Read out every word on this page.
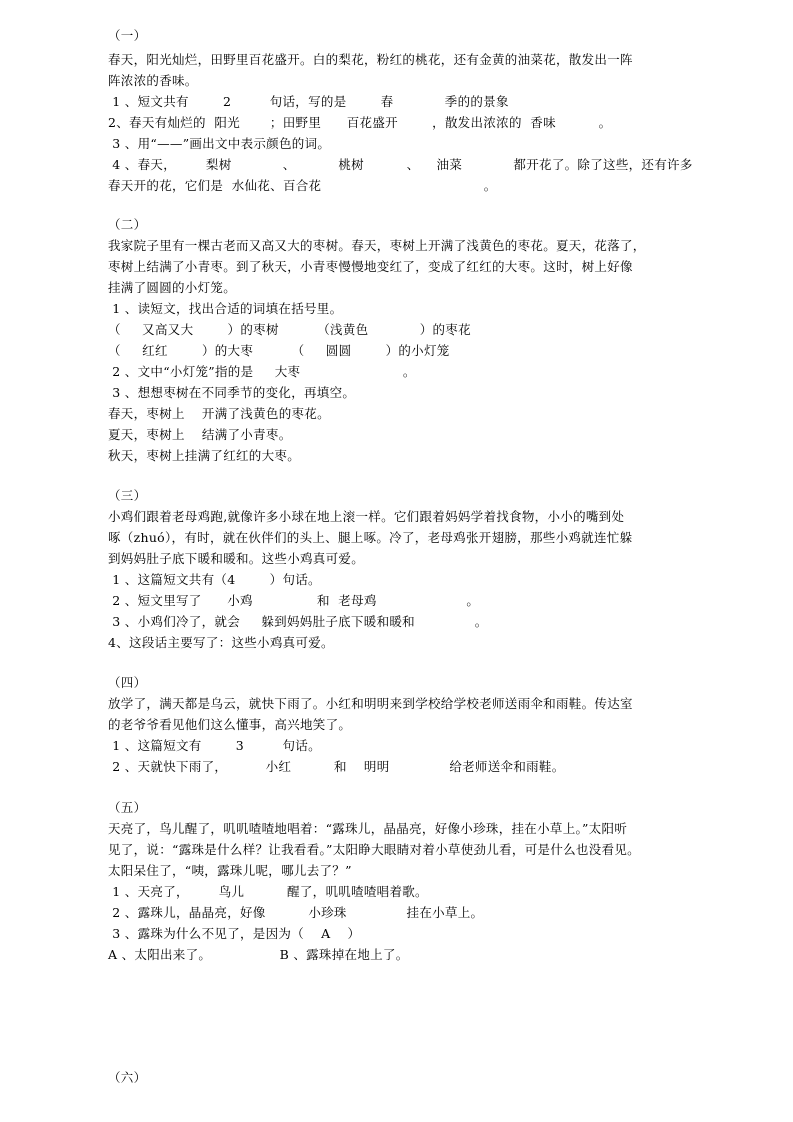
（一）
春天，阳光灿烂，田野里百花盛开。白的梨花，粉红的桃花，还有金黄的油菜花，散发出一阵
阵浓浓的香味。
1 、短文共有        2         句话，写的是        春            季的的景象
2、春天有灿烂的  阳光       ；田野里      百花盛开        ，散发出浓浓的  香味          。
3 、用“——”画出文中表示颜色的词。
4 、春天，       梨树            、          桃树          、    油菜            都开花了。除了这些，还有许多
春天开的花，它们是  水仙花、百合花                                      。
（二）
我家院子里有一棵古老而又高又大的枣树。春天，枣树上开满了浅黄色的枣花。夏天，花落了，
枣树上结满了小青枣。到了秋天，小青枣慢慢地变红了，变成了红红的大枣。这时，树上好像
挂满了圆圆的小灯笼。
1 、读短文，找出合适的词填在括号里。
（     又高又大        ）的枣树         （浅黄色            ）的枣花
（     红红        ）的大枣         （     圆圆        ）的小灯笼
2 、文中“小灯笼”指的是     大枣                        。
3 、想想枣树在不同季节的变化，再填空。
春天，枣树上    开满了浅黄色的枣花。
夏天，枣树上    结满了小青枣。
秋天，枣树上挂满了红红的大枣。
（三）
小鸡们跟着老母鸡跑,就像许多小球在地上滚一样。它们跟着妈妈学着找食物，小小的嘴到处
啄（zhuó），有时，就在伙伴们的头上、腿上啄。冷了，老母鸡张开翅膀，那些小鸡就连忙躲
到妈妈肚子底下暖和暖和。这些小鸡真可爱。
1 、这篇短文共有（4        ）句话。
2 、短文里写了      小鸡               和  老母鸡                     。
3 、小鸡们冷了，就会     躲到妈妈肚子底下暖和暖和              。
4、这段话主要写了：这些小鸡真可爱。
（四）
放学了，满天都是乌云，就快下雨了。小红和明明来到学校给学校老师送雨伞和雨鞋。传达室
的老爷爷看见他们这么懂事，高兴地笑了。
1 、这篇短文有        3         句话。
2 、天就快下雨了，         小红          和    明明              给老师送伞和雨鞋。
（五）
天亮了，鸟儿醒了，叽叽喳喳地唱着：“露珠儿，晶晶亮，好像小珍珠，挂在小草上。”太阳听
见了，说：“露珠是什么样？让我看看。”太阳睁大眼睛对着小草使劲儿看，可是什么也没看见。
太阳呆住了，“咦，露珠儿呢，哪儿去了？”
1 、天亮了，       鸟儿          醒了，叽叽喳喳唱着歌。
2 、露珠儿，晶晶亮，好像          小珍珠              挂在小草上。
3 、露珠为什么不见了，是因为（    A    ）
A 、太阳出来了。                B 、露珠掉在地上了。
（六）
